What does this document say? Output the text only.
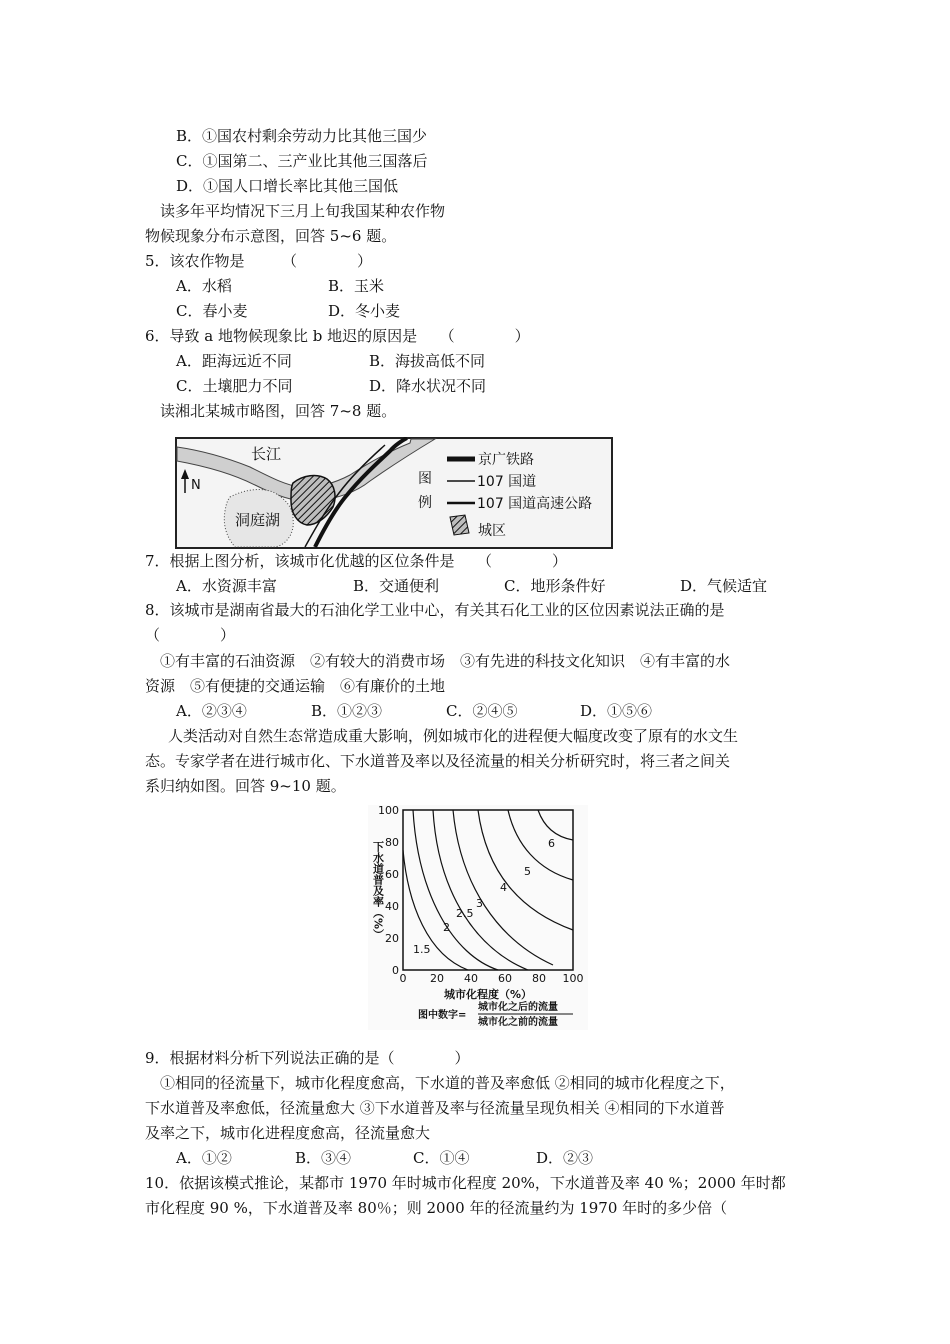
B．①国农村剩余劳动力比其他三国少
C．①国第二、三产业比其他三国落后
D．①国人口增长率比其他三国低
读多年平均情况下三月上旬我国某种农作物
物候现象分布示意图，回答 5~6 题。
5．该农作物是　　　（　　　　）
A．水稻	B．玉米
C．春小麦	D．冬小麦
6．导致 a 地物候现象比 b 地迟的原因是　　（　　　　）
A．距海远近不同	B．海拔高低不同
C．土壤肥力不同	D．降水状况不同
读湘北某城市略图，回答 7~8 题。
N
长江
洞庭湖
图
例
京广铁路
107 国道
107 国道高速公路
城区
7．根据上图分析，该城市化优越的区位条件是　　（　　　　）
A．水资源丰富	B．交通便利	C．地形条件好	D．气候适宜
8．该城市是湖南省最大的石油化学工业中心，有关其石化工业的区位因素说法正确的是
（　　　　）
①有丰富的石油资源　②有较大的消费市场　③有先进的科技文化知识　④有丰富的水
资源　⑤有便捷的交通运输　⑥有廉价的土地
A．②③④	B．①②③	C．②④⑤	D．①⑤⑥
人类活动对自然生态常造成重大影响，例如城市化的进程便大幅度改变了原有的水文生
态。专家学者在进行城市化、下水道普及率以及径流量的相关分析研究时，将三者之间关
系归纳如图。回答 9~10 题。
下水道普及率（%）
100
80
60
40
20
0
0 20 40 60 80 100
1.5
2
2.5
3
4
5
6
城市化程度（%）
图中数字=
城市化之后的流量
城市化之前的流量
9．根据材料分析下列说法正确的是（　　　　）
①相同的径流量下，城市化程度愈高，下水道的普及率愈低 ②相同的城市化程度之下，
下水道普及率愈低，径流量愈大 ③下水道普及率与径流量呈现负相关 ④相同的下水道普
及率之下，城市化进程度愈高，径流量愈大
A．①②	B．③④	C．①④	D．②③
10．依据该模式推论，某都市 1970 年时城市化程度 20%，下水道普及率 40 %；2000 年时都
市化程度 90 %，下水道普及率 80％；则 2000 年的径流量约为 1970 年时的多少倍（
